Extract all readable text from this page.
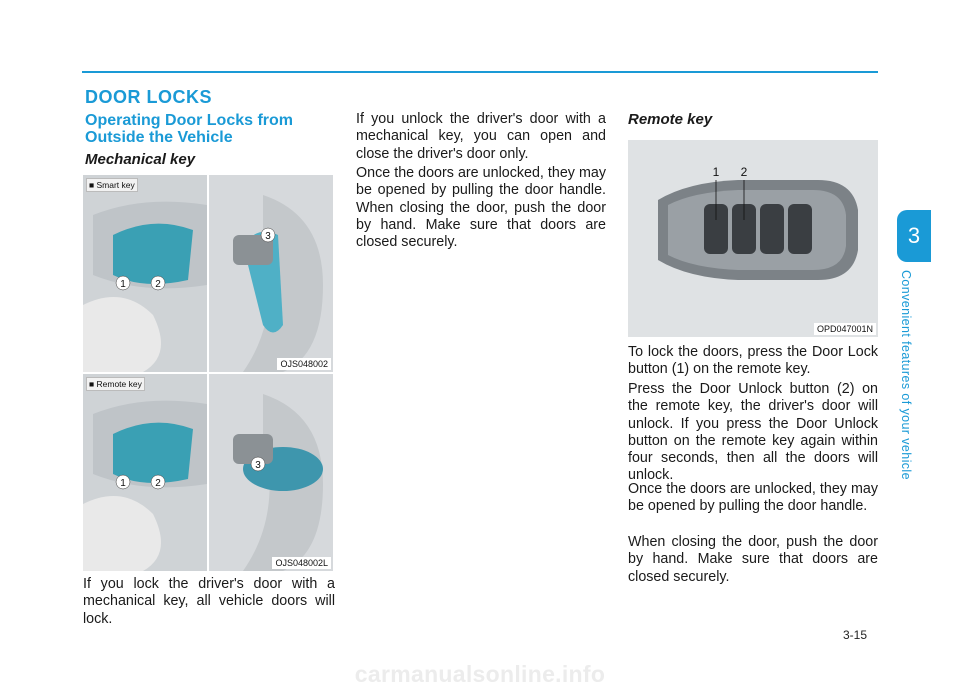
DOOR LOCKS
Operating Door Locks from Outside the Vehicle
Mechanical key
1	2
3
■ Smart key
OJS048002
1	2
3
■ Remote key
OJS048002L

If you lock the driver's door with a mechanical key, all vehicle doors will lock.

If you unlock the driver's door with a mechanical key, you can open and close the driver's door only.

Once the doors are unlocked, they may be opened by pulling the door handle. When closing the door, push the door by hand. Make sure that doors are closed securely.

Remote key
1 2
OPD047001N

To lock the doors, press the Door Lock button (1) on the remote key.

Press the Door Unlock button (2) on the remote key, the driver's door will unlock. If you press the Door Unlock button on the remote key again within four seconds, then all the doors will unlock.

Once the doors are unlocked, they may be opened by pulling the door handle.

When closing the door, push the door by hand. Make sure that doors are closed securely.

3
Convenient features of your vehicle
3-15
carmanualsonline.info
